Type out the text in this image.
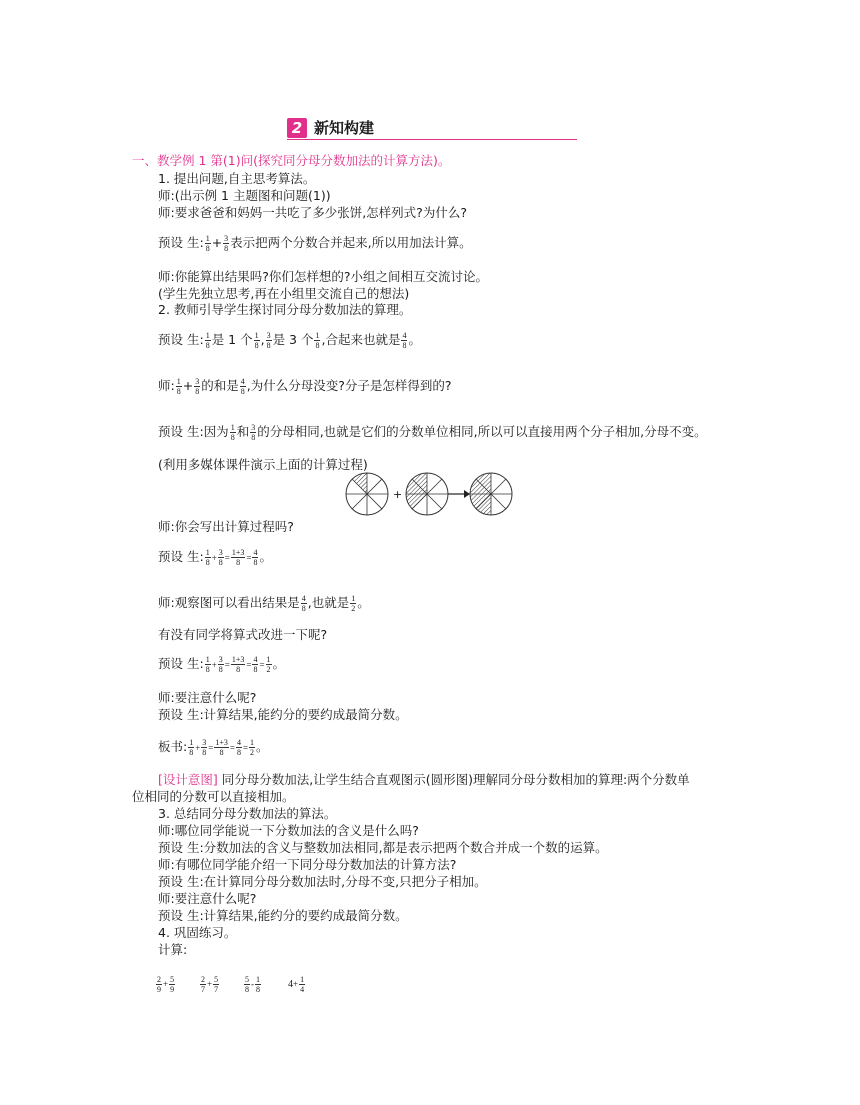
2 新知构建
一、教学例 1 第(1)问(探究同分母分数加法的计算方法)。
1. 提出问题,自主思考算法。
师:(出示例 1 主题图和问题(1))
师:要求爸爸和妈妈一共吃了多少张饼,怎样列式?为什么?
预设 生: $\frac{1}{8} + \frac{3}{8}$ 表示把两个分数合并起来,所以用加法计算。
师:你能算出结果吗?你们怎样想的?小组之间相互交流讨论。
(学生先独立思考,再在小组里交流自己的想法)
2. 教师引导学生探讨同分母分数加法的算理。
预设 生: $\frac{1}{8}$ 是 1 个 $\frac{1}{8}$ , $\frac{3}{8}$ 是 3 个 $\frac{1}{8}$ ,合起来也就是 $\frac{4}{8}$ 。
师: $\frac{1}{8} + \frac{3}{8}$ 的和是 $\frac{4}{8}$ ,为什么分母没变?分子是怎样得到的?
预设 生:因为 $\frac{1}{8}$ 和 $\frac{3}{8}$ 的分母相同,也就是它们的分数单位相同,所以可以直接用两个分子相加,分母不变。
(利用多媒体课件演示上面的计算过程)
+
师:你会写出计算过程吗?
预设 生: $\frac{1}{8} + \frac{3}{8} = \frac{1+3}{8} = \frac{4}{8}$ 。
师:观察图可以看出结果是 $\frac{4}{8}$ ,也就是 $\frac{1}{2}$ 。
有没有同学将算式改进一下呢?
预设 生: $\frac{1}{8} + \frac{3}{8} = \frac{1+3}{8} = \frac{4}{8} = \frac{1}{2}$ 。
师:要注意什么呢?
预设 生:计算结果,能约分的要约成最简分数。
板书: $\frac{1}{8} + \frac{3}{8} = \frac{1+3}{8} = \frac{4}{8} = \frac{1}{2}$ 。
[设计意图] 同分母分数加法,让学生结合直观图示(圆形图)理解同分母分数相加的算理:两个分数单
位相同的分数可以直接相加。
3. 总结同分母分数加法的算法。
师:哪位同学能说一下分数加法的含义是什么吗?
预设 生:分数加法的含义与整数加法相同,都是表示把两个数合并成一个数的运算。
师:有哪位同学能介绍一下同分母分数加法的计算方法?
预设 生:在计算同分母分数加法时,分母不变,只把分子相加。
师:要注意什么呢?
预设 生:计算结果,能约分的要约成最简分数。
4. 巩固练习。
计算:
$\frac{2}{9} + \frac{5}{9}$	$\frac{2}{7} + \frac{5}{7}$	$\frac{5}{8} - \frac{1}{8}$	$4+ \frac{1}{4}$
